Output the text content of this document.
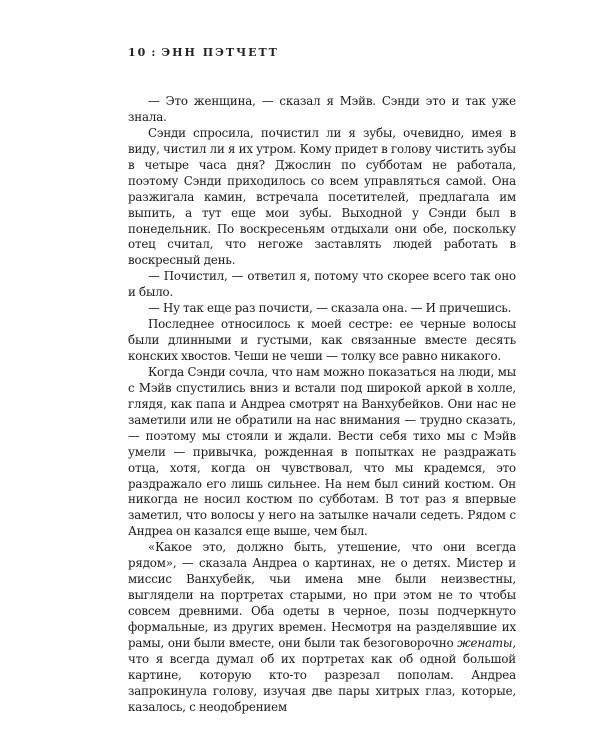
10 : ЭНН ПЭТЧЕТТ

— Это женщина, — сказал я Мэйв. Сэнди это и так уже знала.

Сэнди спросила, почистил ли я зубы, очевидно, имея в виду, чистил ли я их утром. Кому придет в голову чистить зубы в четыре часа дня? Джослин по субботам не работала, поэтому Сэнди приходилось со всем управляться самой. Она разжигала камин, встречала посетителей, предлагала им выпить, а тут еще мои зубы. Выходной у Сэнди был в понедельник. По воскресеньям отдыхали они обе, поскольку отец считал, что негоже заставлять людей работать в воскресный день.

— Почистил, — ответил я, потому что скорее всего так оно и было.

— Ну так еще раз почисти, — сказала она. — И причешись.

Последнее относилось к моей сестре: ее черные волосы были длинными и густыми, как связанные вместе десять конских хвостов. Чеши не чеши — толку все равно никакого.

Когда Сэнди сочла, что нам можно показаться на люди, мы с Мэйв спустились вниз и встали под широкой аркой в холле, глядя, как папа и Андреа смотрят на Ванхубейков. Они нас не заметили или не обратили на нас внимания — трудно сказать, — поэтому мы стояли и ждали. Вести себя тихо мы с Мэйв умели — привычка, рожденная в попытках не раздражать отца, хотя, когда он чувствовал, что мы крадемся, это раздражало его лишь сильнее. На нем был синий костюм. Он никогда не носил костюм по субботам. В тот раз я впервые заметил, что волосы у него на затылке начали седеть. Рядом с Андреа он казался еще выше, чем был.

«Какое это, должно быть, утешение, что они всегда рядом», — сказала Андреа о картинах, не о детях. Мистер и миссис Ванхубейк, чьи имена мне были неизвестны, выглядели на портретах старыми, но при этом не то чтобы совсем древними. Оба одеты в черное, позы подчеркнуто формальные, из других времен. Несмотря на разделявшие их рамы, они были вместе, они были так безоговорочно женаты, что я всегда думал об их портретах как об одной большой картине, которую кто-то разрезал пополам. Андреа запрокинула голову, изучая две пары хитрых глаз, которые, казалось, с неодобрением
